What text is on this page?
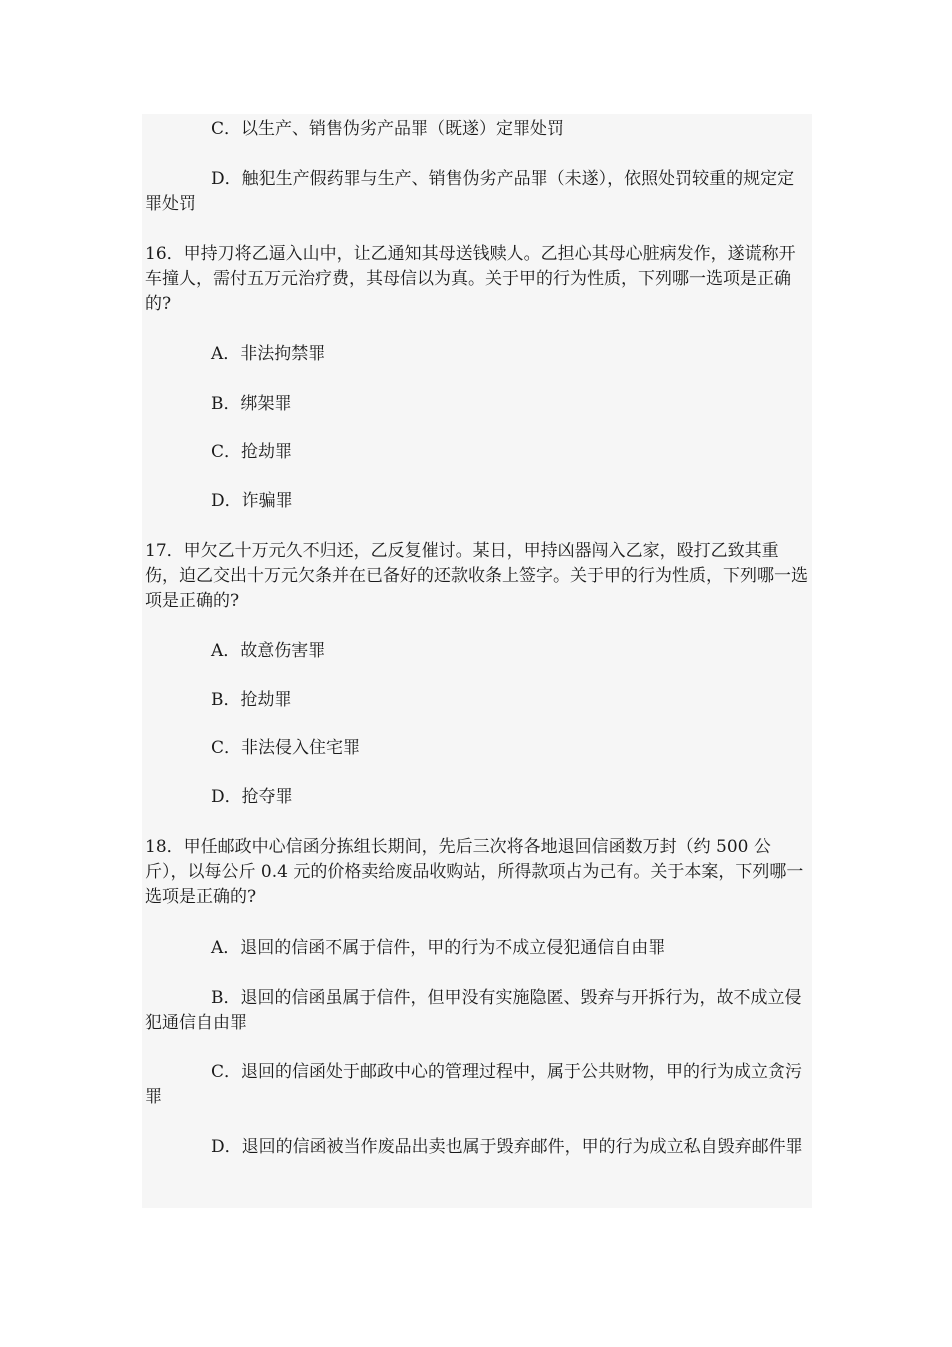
C．以生产、销售伪劣产品罪（既遂）定罪处罚

D．触犯生产假药罪与生产、销售伪劣产品罪（未遂），依照处罚较重的规定定罪处罚

16．甲持刀将乙逼入山中，让乙通知其母送钱赎人。乙担心其母心脏病发作，遂谎称开车撞人，需付五万元治疗费，其母信以为真。关于甲的行为性质，下列哪一选项是正确的?

A．非法拘禁罪

B．绑架罪

C．抢劫罪

D．诈骗罪

17．甲欠乙十万元久不归还，乙反复催讨。某日，甲持凶器闯入乙家，殴打乙致其重伤，迫乙交出十万元欠条并在已备好的还款收条上签字。关于甲的行为性质，下列哪一选项是正确的?

A．故意伤害罪

B．抢劫罪

C．非法侵入住宅罪

D．抢夺罪

18．甲任邮政中心信函分拣组长期间，先后三次将各地退回信函数万封（约 500 公斤），以每公斤 0.4 元的价格卖给废品收购站，所得款项占为己有。关于本案，下列哪一选项是正确的?

A．退回的信函不属于信件，甲的行为不成立侵犯通信自由罪

B．退回的信函虽属于信件，但甲没有实施隐匿、毁弃与开拆行为，故不成立侵犯通信自由罪

C．退回的信函处于邮政中心的管理过程中，属于公共财物，甲的行为成立贪污罪

D．退回的信函被当作废品出卖也属于毁弃邮件，甲的行为成立私自毁弃邮件罪
